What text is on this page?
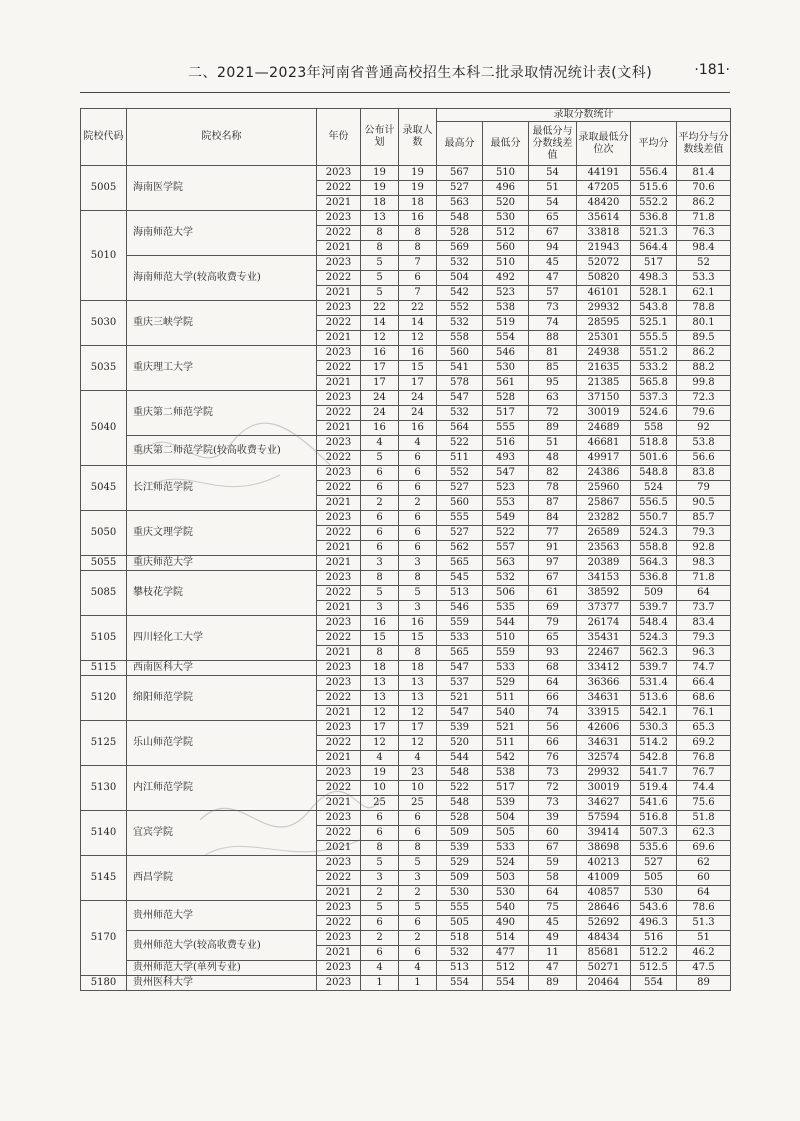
二、2021—2023年河南省普通高校招生本科二批录取情况统计表(文科)	·181·
院校代码	院校名称	年份	公布计划	录取人数	录取分数统计					
					最高分	最低分	最低分与分数线差值	录取最低分位次	平均分	平均分与分数线差值
5005	海南医学院	2023	19	19	567	510	54	44191	556.4	81.4
		2022	19	19	527	496	51	47205	515.6	70.6
		2021	18	18	563	520	54	48420	552.2	86.2
5010	海南师范大学	2023	13	16	548	530	65	35614	536.8	71.8
		2022	8	8	528	512	67	33818	521.3	76.3
		2021	8	8	569	560	94	21943	564.4	98.4
	海南师范大学(较高收费专业)	2023	5	7	532	510	45	52072	517	52
		2022	5	6	504	492	47	50820	498.3	53.3
		2021	5	7	542	523	57	46101	528.1	62.1
5030	重庆三峡学院	2023	22	22	552	538	73	29932	543.8	78.8
		2022	14	14	532	519	74	28595	525.1	80.1
		2021	12	12	558	554	88	25301	555.5	89.5
5035	重庆理工大学	2023	16	16	560	546	81	24938	551.2	86.2
		2022	17	15	541	530	85	21635	533.2	88.2
		2021	17	17	578	561	95	21385	565.8	99.8
5040	重庆第二师范学院	2023	24	24	547	528	63	37150	537.3	72.3
		2022	24	24	532	517	72	30019	524.6	79.6
		2021	16	16	564	555	89	24689	558	92
	重庆第二师范学院(较高收费专业)	2023	4	4	522	516	51	46681	518.8	53.8
		2022	5	6	511	493	48	49917	501.6	56.6
5045	长江师范学院	2023	6	6	552	547	82	24386	548.8	83.8
		2022	6	6	527	523	78	25960	524	79
		2021	2	2	560	553	87	25867	556.5	90.5
5050	重庆文理学院	2023	6	6	555	549	84	23282	550.7	85.7
		2022	6	6	527	522	77	26589	524.3	79.3
		2021	6	6	562	557	91	23563	558.8	92.8
5055	重庆师范大学	2021	3	3	565	563	97	20389	564.3	98.3
5085	攀枝花学院	2023	8	8	545	532	67	34153	536.8	71.8
		2022	5	5	513	506	61	38592	509	64
		2021	3	3	546	535	69	37377	539.7	73.7
5105	四川轻化工大学	2023	16	16	559	544	79	26174	548.4	83.4
		2022	15	15	533	510	65	35431	524.3	79.3
		2021	8	8	565	559	93	22467	562.3	96.3
5115	西南医科大学	2023	18	18	547	533	68	33412	539.7	74.7
5120	绵阳师范学院	2023	13	13	537	529	64	36366	531.4	66.4
		2022	13	13	521	511	66	34631	513.6	68.6
		2021	12	12	547	540	74	33915	542.1	76.1
5125	乐山师范学院	2023	17	17	539	521	56	42606	530.3	65.3
		2022	12	12	520	511	66	34631	514.2	69.2
		2021	4	4	544	542	76	32574	542.8	76.8
5130	内江师范学院	2023	19	23	548	538	73	29932	541.7	76.7
		2022	10	10	522	517	72	30019	519.4	74.4
		2021	25	25	548	539	73	34627	541.6	75.6
5140	宜宾学院	2023	6	6	528	504	39	57594	516.8	51.8
		2022	6	6	509	505	60	39414	507.3	62.3
		2021	8	8	539	533	67	38698	535.6	69.6
5145	西昌学院	2023	5	5	529	524	59	40213	527	62
		2022	3	3	509	503	58	41009	505	60
		2021	2	2	530	530	64	40857	530	64
5170	贵州师范大学	2023	5	5	555	540	75	28646	543.6	78.6
		2022	6	6	505	490	45	52692	496.3	51.3
	贵州师范大学(较高收费专业)	2023	2	2	518	514	49	48434	516	51
		2021	6	6	532	477	11	85681	512.2	46.2
	贵州师范大学(单列专业)	2023	4	4	513	512	47	50271	512.5	47.5
5180	贵州医科大学	2023	1	1	554	554	89	20464	554	89
